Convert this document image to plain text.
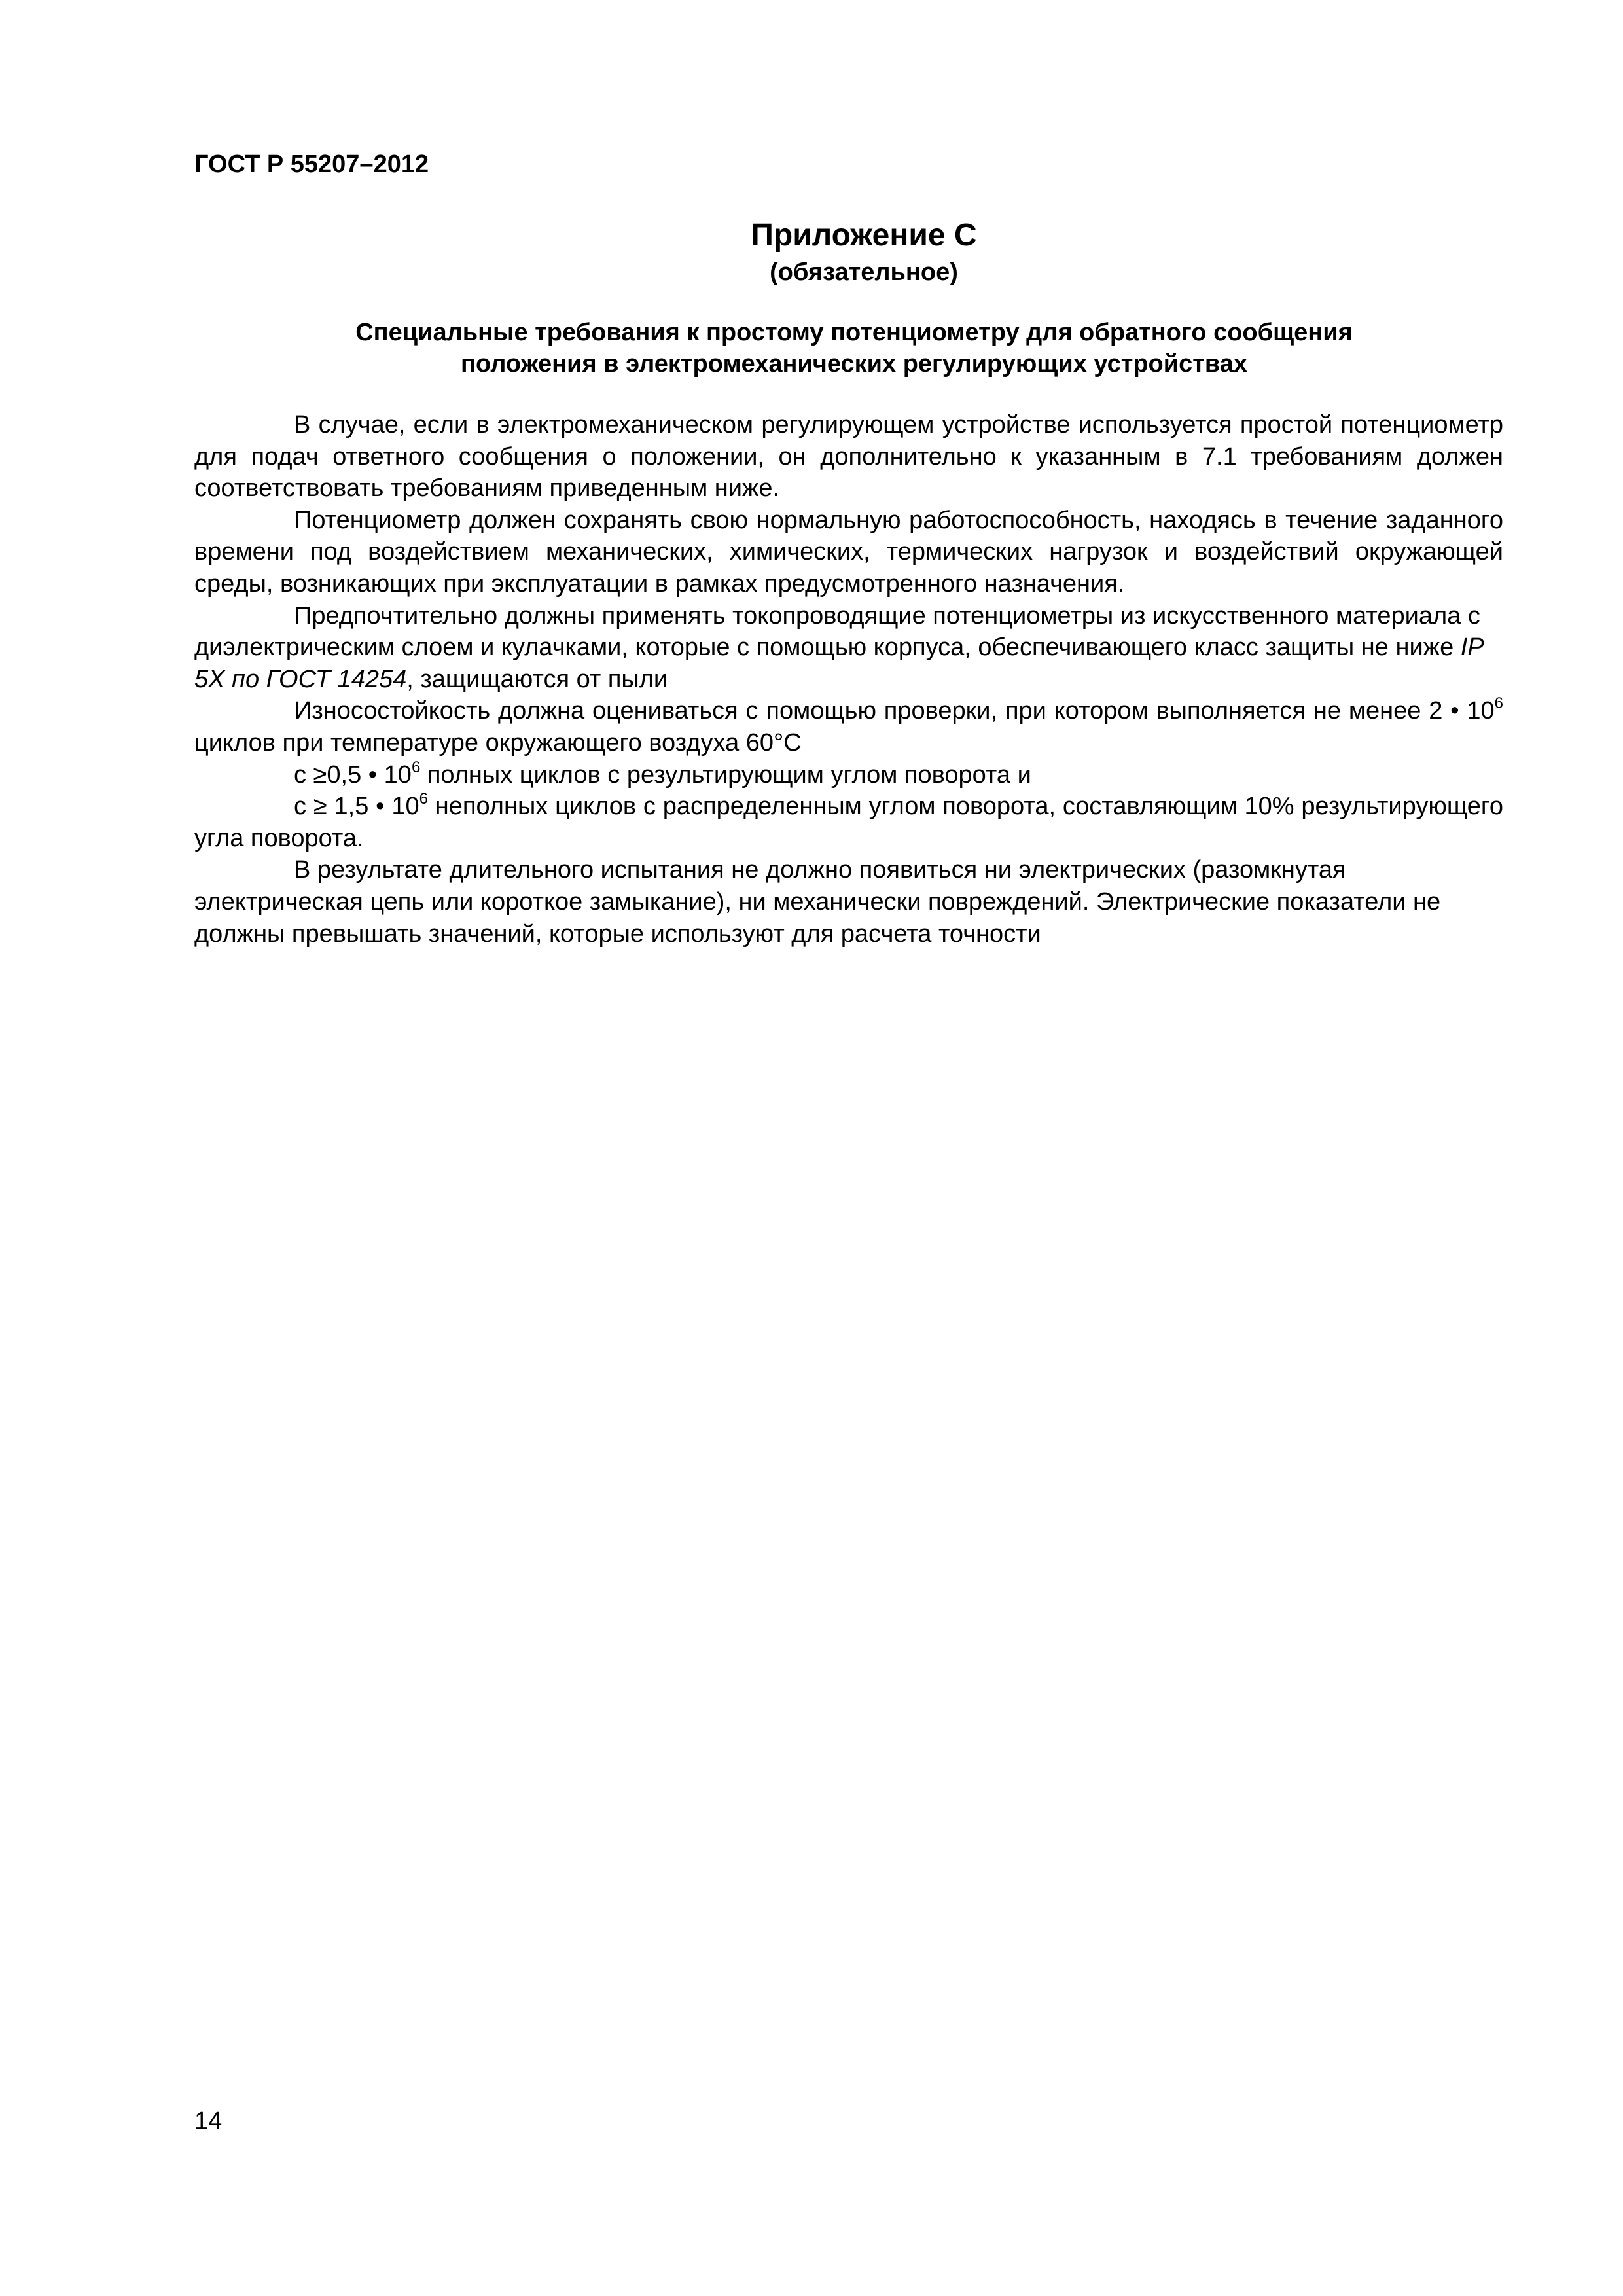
ГОСТ Р 55207–2012
Приложение С
(обязательное)
Специальные требования к простому потенциометру для обратного сообщения
положения в электромеханических регулирующих устройствах

В случае, если в электромеханическом регулирующем устройстве используется простой потенциометр для подач ответного сообщения о положении, он дополнительно к указанным в 7.1 требованиям должен соответствовать требованиям приведенным ниже.

Потенциометр должен сохранять свою нормальную работоспособность, находясь в течение заданного времени под воздействием механических, химических, термических нагрузок и воздействий окружающей среды, возникающих при эксплуатации в рамках предусмотренного назначения.

Предпочтительно должны применять токопроводящие потенциометры из искусственного материала с диэлектрическим слоем и кулачками, которые с помощью корпуса, обеспечивающего класс защиты не ниже IP 5X по ГОСТ 14254, защищаются от пыли

Износостойкость должна оцениваться с помощью проверки, при котором выполняется не менее 2 • $10^6$ циклов при температуре окружающего воздуха 60°С

с ≥0,5 • $10^6$ полных циклов с результирующим углом поворота и

с ≥ 1,5 • $10^6$ неполных циклов с распределенным углом поворота, составляющим 10% результирующего угла поворота.

В результате длительного испытания не должно появиться ни электрических (разомкнутая электрическая цепь или короткое замыкание), ни механически повреждений. Электрические показатели не должны превышать значений, которые используют для расчета точности

14
